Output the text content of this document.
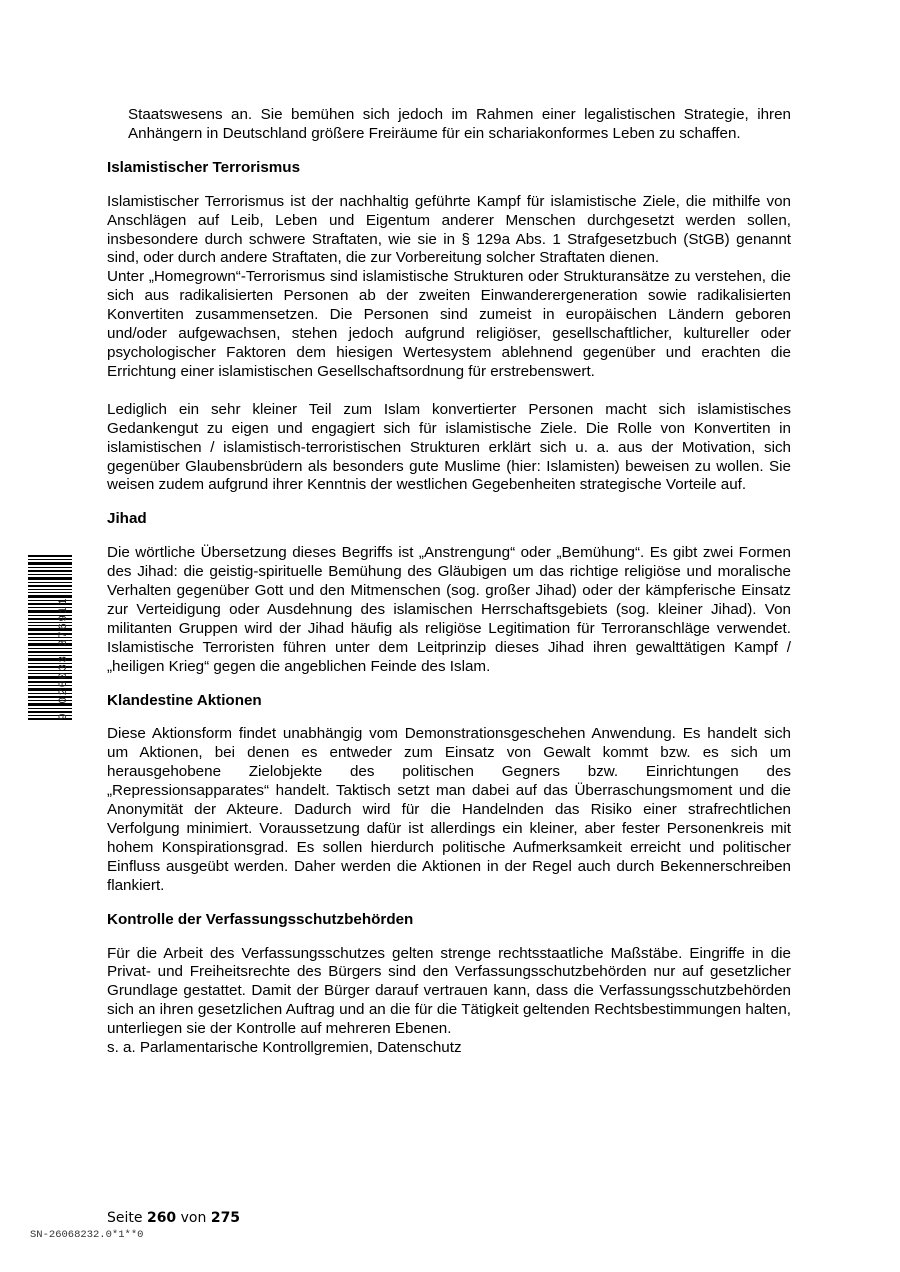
Staatswesens an. Sie bemühen sich jedoch im Rahmen einer legalistischen Strategie, ihren Anhängern in Deutschland größere Freiräume für ein schariakonformes Leben zu schaffen.

Islamistischer Terrorismus

Islamistischer Terrorismus ist der nachhaltig geführte Kampf für islamistische Ziele, die mithilfe von Anschlägen auf Leib, Leben und Eigentum anderer Menschen durchgesetzt werden sollen, insbesondere durch schwere Straftaten, wie sie in § 129a Abs. 1 Strafgesetzbuch (StGB) genannt sind, oder durch andere Straftaten, die zur Vorbereitung solcher Straftaten dienen.

Unter „Homegrown“-Terrorismus sind islamistische Strukturen oder Strukturansätze zu verstehen, die sich aus radikalisierten Personen ab der zweiten Einwanderergeneration sowie radikalisierten Konvertiten zusammensetzen. Die Personen sind zumeist in europäischen Ländern geboren und/oder aufgewachsen, stehen jedoch aufgrund religiöser, gesellschaftlicher, kultureller oder psychologischer Faktoren dem hiesigen Wertesystem ablehnend gegenüber und erachten die Errichtung einer islamistischen Gesellschaftsordnung für erstrebenswert.

Lediglich ein sehr kleiner Teil zum Islam konvertierter Personen macht sich islamistisches Gedankengut zu eigen und engagiert sich für islamistische Ziele. Die Rolle von Konvertiten in islamistischen / islamistisch-terroristischen Strukturen erklärt sich u. a. aus der Motivation, sich gegenüber Glaubensbrüdern als besonders gute Muslime (hier: Islamisten) beweisen zu wollen. Sie weisen zudem aufgrund ihrer Kenntnis der westlichen Gegebenheiten strategische Vorteile auf.

Jihad

Die wörtliche Übersetzung dieses Begriffs ist „Anstrengung“ oder „Bemühung“. Es gibt zwei Formen des Jihad: die geistig-spirituelle Bemühung des Gläubigen um das richtige religiöse und moralische Verhalten gegenüber Gott und den Mitmenschen (sog. großer Jihad) oder der kämpferische Einsatz zur Verteidigung oder Ausdehnung des islamischen Herrschaftsgebiets (sog. kleiner Jihad). Von militanten Gruppen wird der Jihad häufig als religiöse Legitimation für Terroranschläge verwendet. Islamistische Terroristen führen unter dem Leitprinzip dieses Jihad ihren gewalttätigen Kampf / „heiligen Krieg“ gegen die angeblichen Feinde des Islam.

Klandestine Aktionen

Diese Aktionsform findet unabhängig vom Demonstrationsgeschehen Anwendung. Es handelt sich um Aktionen, bei denen es entweder zum Einsatz von Gewalt kommt bzw. es sich um herausgehobene Zielobjekte des politischen Gegners bzw. Einrichtungen des „Repressionsapparates“ handelt. Taktisch setzt man dabei auf das Überraschungsmoment und die Anonymität der Akteure. Dadurch wird für die Handelnden das Risiko einer strafrechtlichen Verfolgung minimiert. Voraussetzung dafür ist allerdings ein kleiner, aber fester Personenkreis mit hohem Konspirationsgrad. Es sollen hierdurch politische Aufmerksamkeit erreicht und politischer Einfluss ausgeübt werden. Daher werden die Aktionen in der Regel auch durch Bekennerschreiben flankiert.

Kontrolle der Verfassungsschutzbehörden

Für die Arbeit des Verfassungsschutzes gelten strenge rechtsstaatliche Maßstäbe. Eingriffe in die Privat- und Freiheitsrechte des Bürgers sind den Verfassungsschutzbehörden nur auf gesetzlicher Grundlage gestattet. Damit der Bürger darauf vertrauen kann, dass die Verfassungsschutzbehörden sich an ihren gesetzlichen Auftrag und an die für die Tätigkeit geltenden Rechtsbestimmungen halten, unterliegen sie der Kontrolle auf mehreren Ebenen.

s. a. Parlamentarische Kontrollgremien, Datenschutz

9 020033 376911
Seite 260 von 275
SN-26068232.0*1**0
